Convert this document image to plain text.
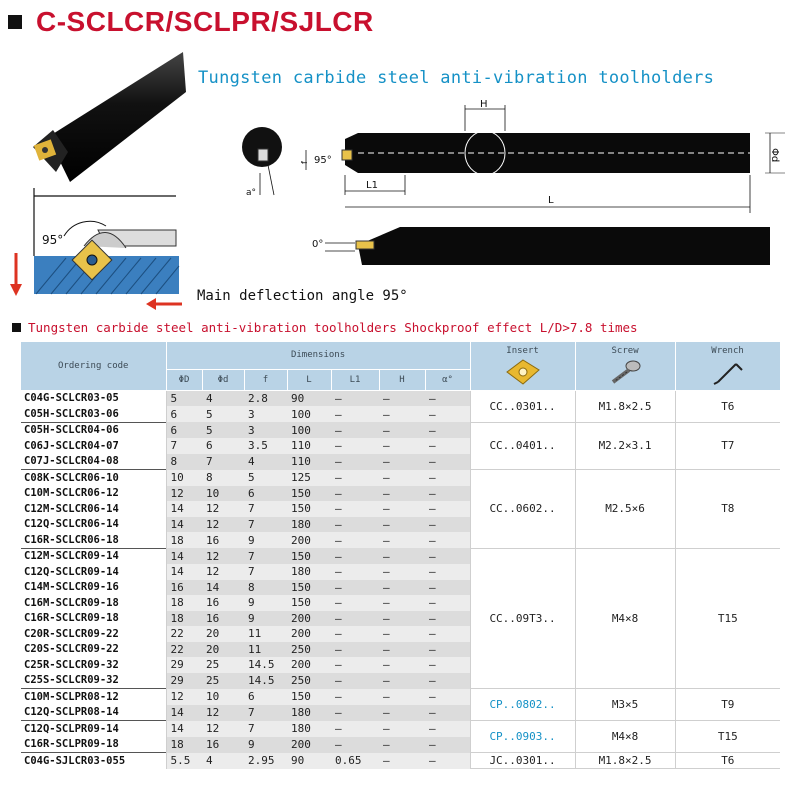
C-SCLCR/SCLPR/SJLCR
95°
Tungsten carbide steel anti-vibration toolholders
a°
H
Φd
f 95°
L1
L
0°
Main deflection angle 95°
Tungsten carbide steel anti-vibration toolholders Shockproof effect L/D>7.8 times
Ordering code	Dimensions							Insert	Screw	Wrench

	ΦD	Φd	f	L	L1	H	α°			
C04G-SCLCR03-05	5	4	2.8	90	–	–	–	CC..0301..	M1.8×2.5	T6
C05H-SCLCR03-06	6	5	3	100	–	–	–			
C05H-SCLCR04-06	6	5	3	100	–	–	–	CC..0401..	M2.2×3.1	T7
C06J-SCLCR04-07	7	6	3.5	110	–	–	–			
C07J-SCLCR04-08	8	7	4	110	–	–	–			
C08K-SCLCR06-10	10	8	5	125	–	–	–	CC..0602..	M2.5×6	T8
C10M-SCLCR06-12	12	10	6	150	–	–	–			
C12M-SCLCR06-14	14	12	7	150	–	–	–			
C12Q-SCLCR06-14	14	12	7	180	–	–	–			
C16R-SCLCR06-18	18	16	9	200	–	–	–			
C12M-SCLCR09-14	14	12	7	150	–	–	–	CC..09T3..	M4×8	T15
C12Q-SCLCR09-14	14	12	7	180	–	–	–			
C14M-SCLCR09-16	16	14	8	150	–	–	–			
C16M-SCLCR09-18	18	16	9	150	–	–	–			
C16R-SCLCR09-18	18	16	9	200	–	–	–			
C20R-SCLCR09-22	22	20	11	200	–	–	–			
C20S-SCLCR09-22	22	20	11	250	–	–	–			
C25R-SCLCR09-32	29	25	14.5	200	–	–	–			
C25S-SCLCR09-32	29	25	14.5	250	–	–	–			
C10M-SCLPR08-12	12	10	6	150	–	–	–	CP..0802..	M3×5	T9
C12Q-SCLPR08-14	14	12	7	180	–	–	–			
C12Q-SCLPR09-14	14	12	7	180	–	–	–	CP..0903..	M4×8	T15
C16R-SCLPR09-18	18	16	9	200	–	–	–			
C04G-SJLCR03-055	5.5	4	2.95	90	0.65	–	–	JC..0301..	M1.8×2.5	T6
